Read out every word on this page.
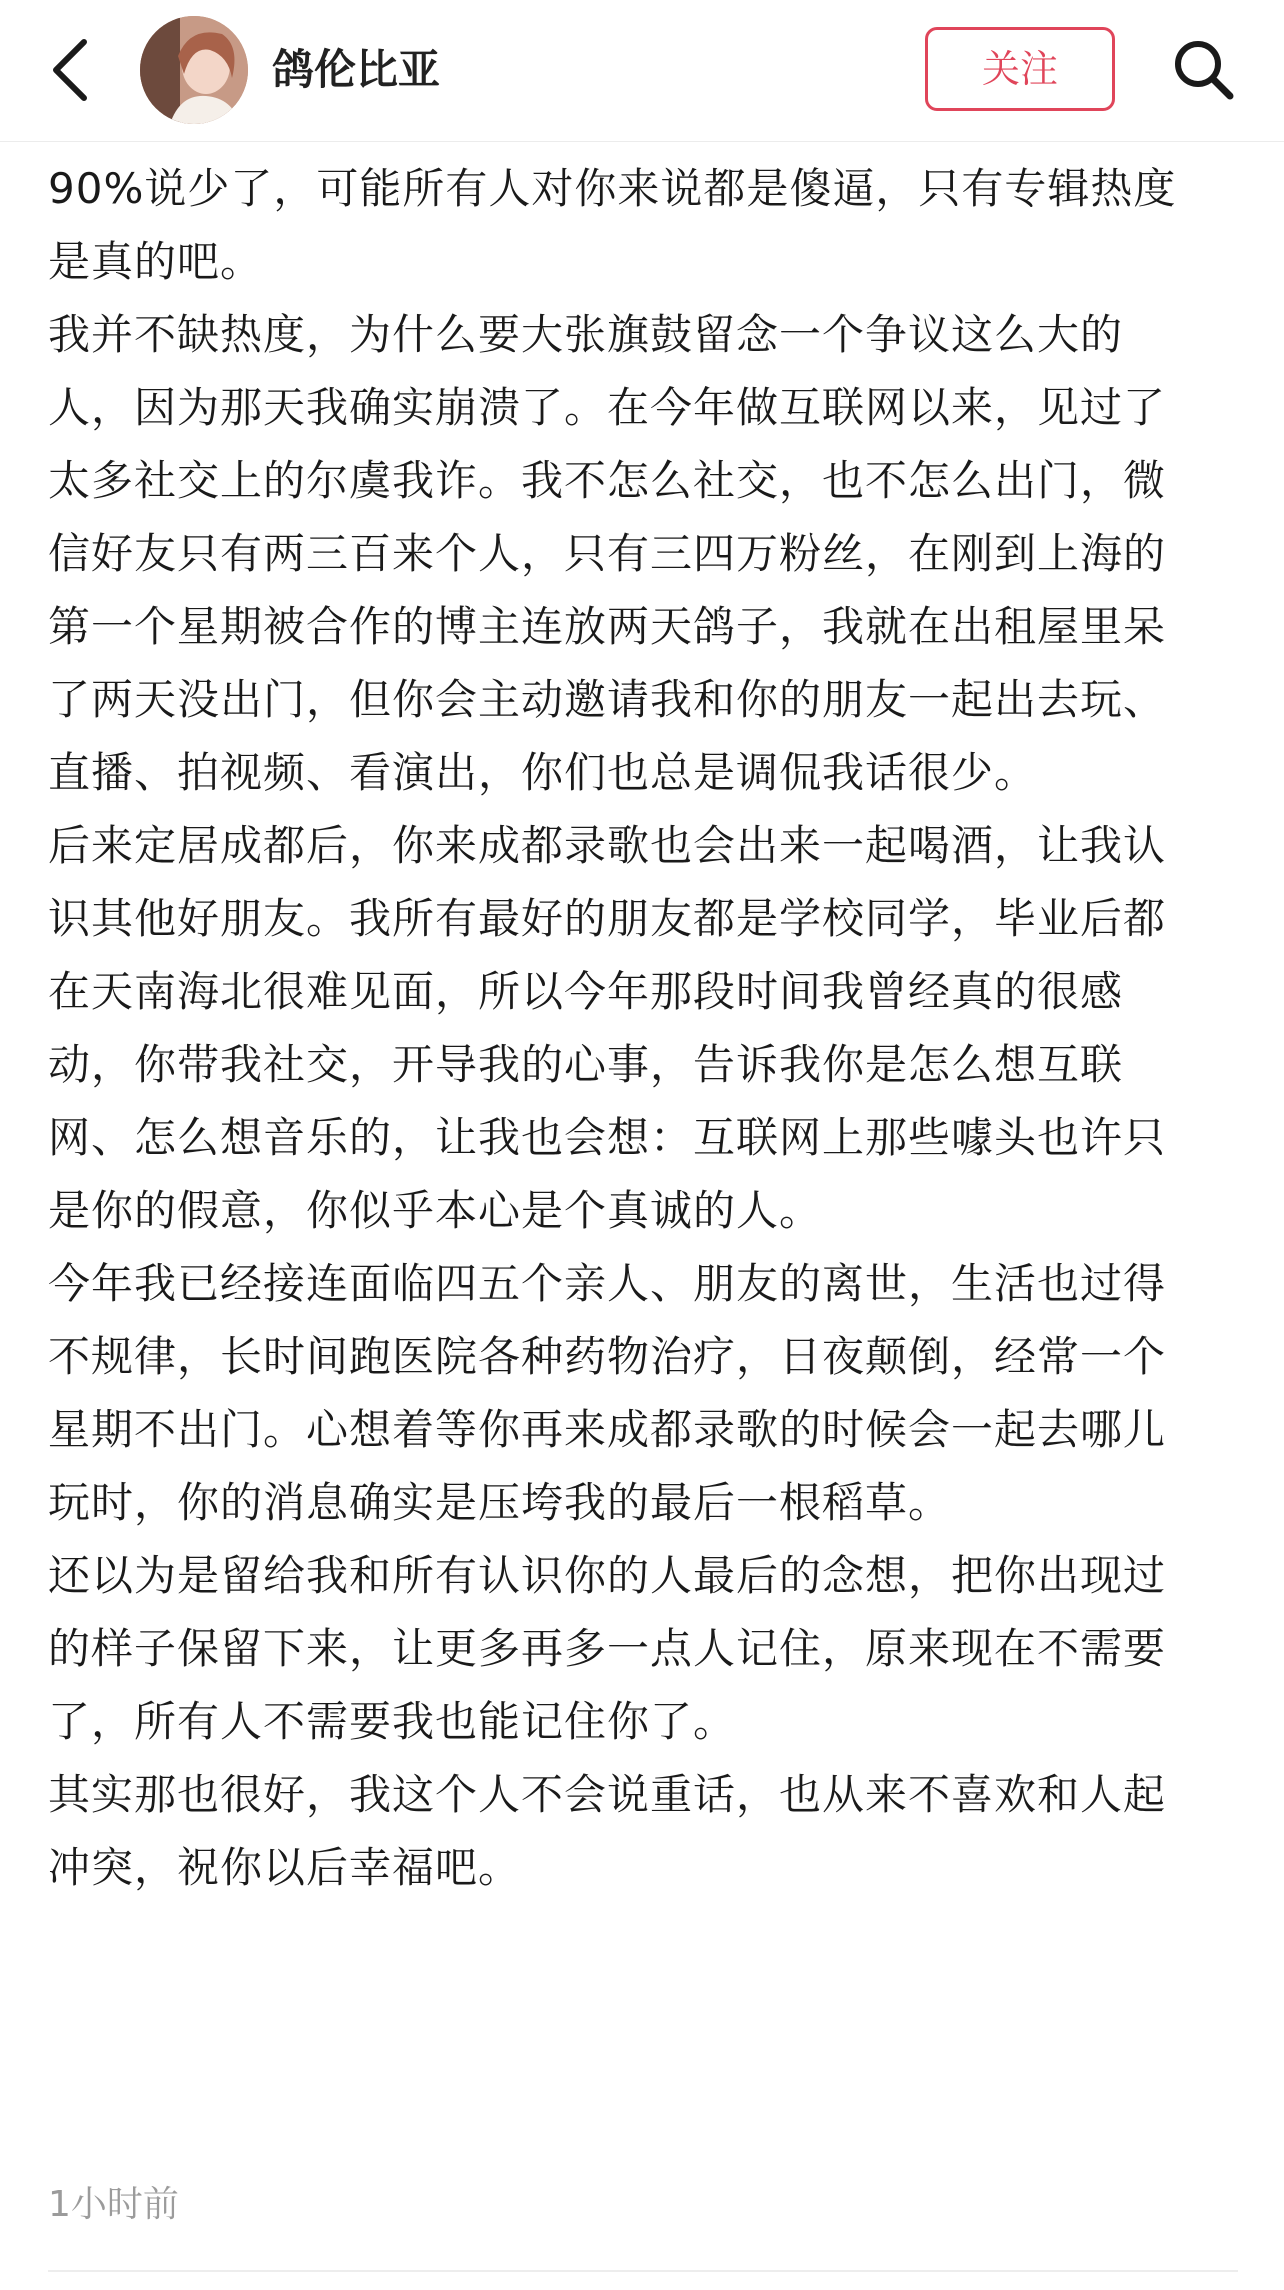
鸽伦比亚	关注

90%说少了，可能所有人对你来说都是傻逼，只有专辑热度是真的吧。

我并不缺热度，为什么要大张旗鼓留念一个争议这么大的人，因为那天我确实崩溃了。在今年做互联网以来，见过了太多社交上的尔虞我诈。我不怎么社交，也不怎么出门，微信好友只有两三百来个人，只有三四万粉丝，在刚到上海的第一个星期被合作的博主连放两天鸽子，我就在出租屋里呆了两天没出门，但你会主动邀请我和你的朋友一起出去玩、直播、拍视频、看演出，你们也总是调侃我话很少。

后来定居成都后，你来成都录歌也会出来一起喝酒，让我认识其他好朋友。我所有最好的朋友都是学校同学，毕业后都在天南海北很难见面，所以今年那段时间我曾经真的很感动，你带我社交，开导我的心事，告诉我你是怎么想互联网、怎么想音乐的，让我也会想：互联网上那些噱头也许只是你的假意，你似乎本心是个真诚的人。

今年我已经接连面临四五个亲人、朋友的离世，生活也过得不规律，长时间跑医院各种药物治疗，日夜颠倒，经常一个星期不出门。心想着等你再来成都录歌的时候会一起去哪儿玩时，你的消息确实是压垮我的最后一根稻草。

还以为是留给我和所有认识你的人最后的念想，把你出现过的样子保留下来，让更多再多一点人记住，原来现在不需要了，所有人不需要我也能记住你了。

其实那也很好，我这个人不会说重话，也从来不喜欢和人起冲突，祝你以后幸福吧。

1小时前
